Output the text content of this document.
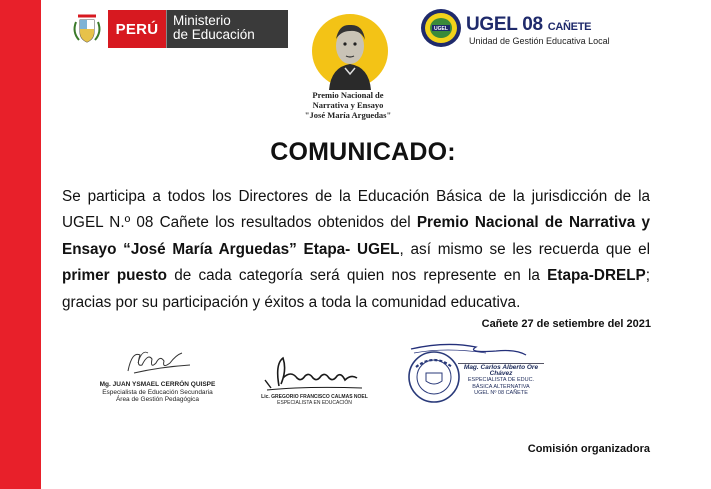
PERÚ	Ministerio
de Educación
Premio Nacional de
Narrativa y Ensayo
"José María Arguedas"
UGEL UGEL 08 CAÑETE
Unidad de Gestión Educativa Local
COMUNICADO:
Se participa a todos los Directores de la Educación Básica de la jurisdicción de la UGEL N.º 08 Cañete los resultados obtenidos del Premio Nacional de Narrativa y Ensayo “José María Arguedas” Etapa- UGEL, así mismo se les recuerda que el primer puesto de cada categoría será quien nos represente en la Etapa-DRELP; gracias por su participación y éxitos a toda la comunidad educativa.
Cañete 27 de setiembre del 2021
Mg. JUAN YSMAEL CERRÓN QUISPE
Especialista de Educación Secundaria
Área de Gestión Pedagógica	Lic. GREGORIO FRANCISCO CALMAS NOEL
ESPECIALISTA EN EDUCACIÓN
Mag. Carlos Alberto Ore Chávez
ESPECIALISTA DE EDUC. BÁSICA ALTERNATIVA
UGEL Nº 08 CAÑETE
Comisión organizadora
